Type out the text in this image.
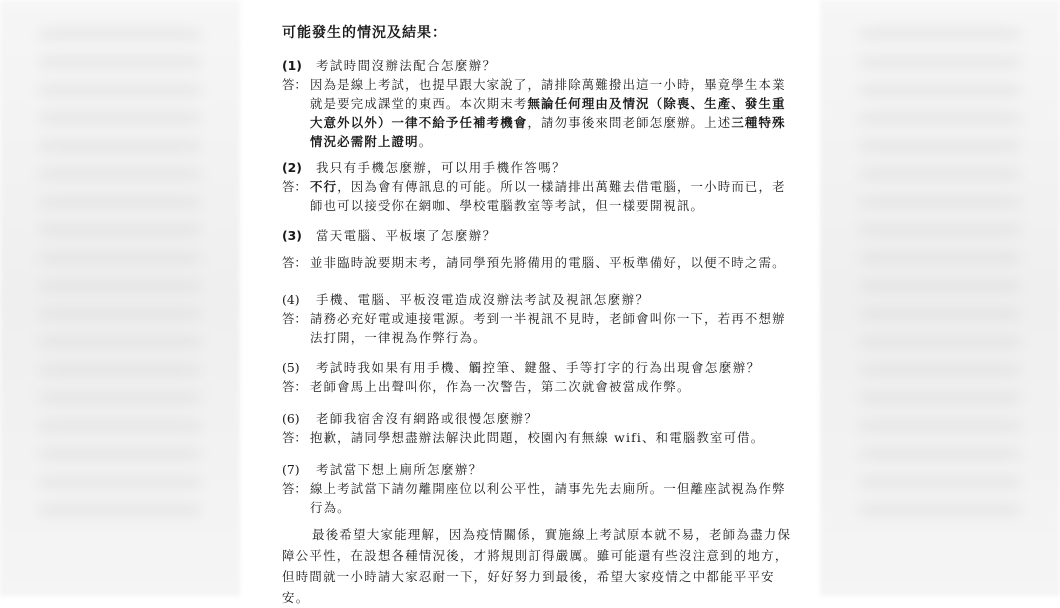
可能發生的情況及結果：
(1)	考試時間沒辦法配合怎麼辦？
答： 因為是線上考試，也提早跟大家說了，請排除萬難撥出這一小時，畢竟學生本業就是要完成課堂的東西。本次期末考無論任何理由及情況（除喪、生產、發生重大意外以外）一律不給予任補考機會，請勿事後來問老師怎麼辦。上述三種特殊情況必需附上證明。
(2)	我只有手機怎麼辦，可以用手機作答嗎？
答： 不行，因為會有傳訊息的可能。所以一樣請排出萬難去借電腦，一小時而已，老師也可以接受你在網咖、學校電腦教室等考試，但一樣要開視訊。
(3)	當天電腦、平板壞了怎麼辦？
答： 並非臨時說要期末考，請同學預先將備用的電腦、平板準備好，以便不時之需。
(4)	手機、電腦、平板沒電造成沒辦法考試及視訊怎麼辦？
答： 請務必充好電或連接電源。考到一半視訊不見時，老師會叫你一下，若再不想辦法打開，一律視為作弊行為。
(5)	考試時我如果有用手機、觸控筆、鍵盤、手等打字的行為出現會怎麼辦？
答： 老師會馬上出聲叫你，作為一次警告，第二次就會被當成作弊。
(6)	老師我宿舍沒有網路或很慢怎麼辦？
答： 抱歉，請同學想盡辦法解決此問題，校園內有無線 wifi、和電腦教室可借。
(7)	考試當下想上廁所怎麼辦？
答： 線上考試當下請勿離開座位以利公平性，請事先先去廁所。一但離座試視為作弊行為。
最後希望大家能理解，因為疫情關係，實施線上考試原本就不易，老師為盡力保障公平性，在設想各種情況後，才將規則訂得嚴厲。雖可能還有些沒注意到的地方，但時間就一小時請大家忍耐一下，好好努力到最後，希望大家疫情之中都能平平安安。
